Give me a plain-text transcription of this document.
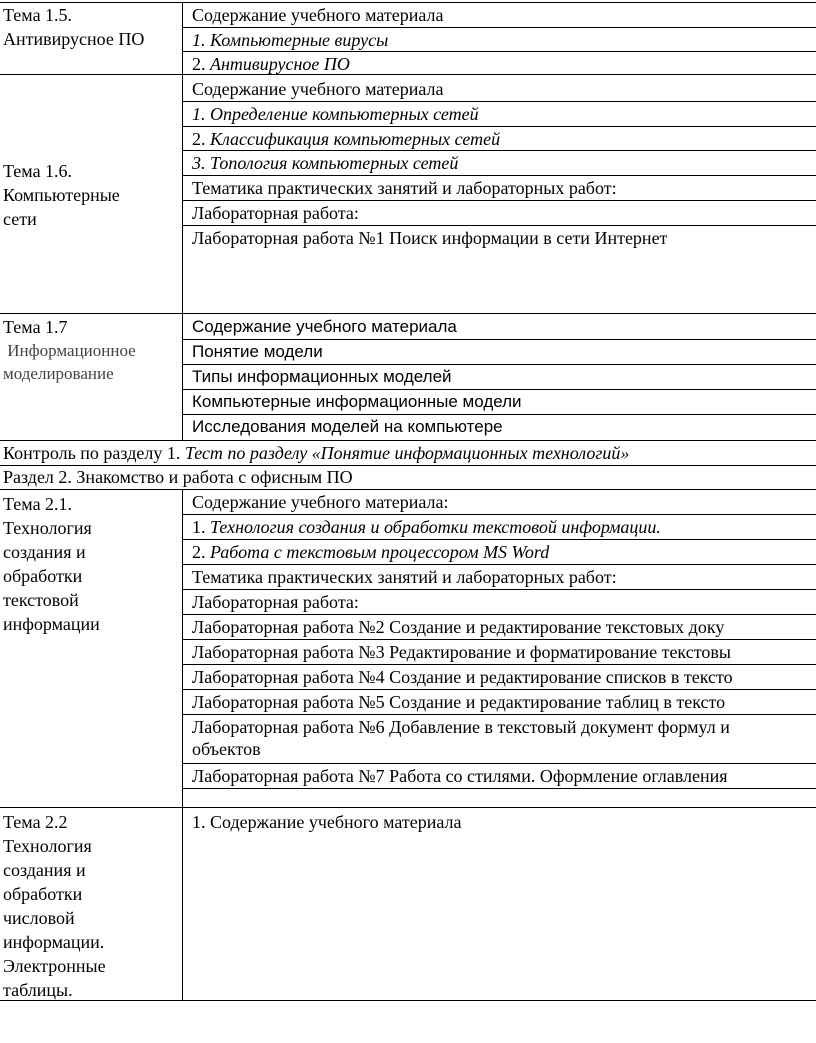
Тема 1.5.
Антивирусное ПО
Содержание учебного материала
1. Компьютерные вирусы
2. Антивирусное ПО
Тема 1.6.
Компьютерные
сети
Содержание учебного материала
1. Определение компьютерных сетей
2. Классификация компьютерных сетей
3. Топология компьютерных сетей
Тематика практических занятий и лабораторных работ:
Лабораторная работа:
Лабораторная работа №1 Поиск информации в сети Интернет
Тема 1.7
Информационное
моделирование
Содержание учебного материала
Понятие модели
Типы информационных моделей
Компьютерные информационные модели
Исследования моделей на компьютере
Контроль по разделу 1. Тест по разделу «Понятие информационных технологий»
Раздел 2. Знакомство и работа с офисным ПО
Тема 2.1.
Технология
создания и
обработки
текстовой
информации
Содержание учебного материала:
1. Технология создания и обработки текстовой информации.
2. Работа с текстовым процессором MS Word
Тематика практических занятий и лабораторных работ:
Лабораторная работа:
Лабораторная работа №2 Создание и редактирование текстовых доку
Лабораторная работа №3 Редактирование и форматирование текстовы
Лабораторная работа №4 Создание и редактирование списков в тексто
Лабораторная работа №5 Создание и редактирование таблиц в тексто
Лабораторная работа №6 Добавление в текстовый документ формул и
объектов
Лабораторная работа №7 Работа со стилями. Оформление оглавления
Тема 2.2
Технология
создания и
обработки
числовой
информации.
Электронные
таблицы.
1. Содержание учебного материала
